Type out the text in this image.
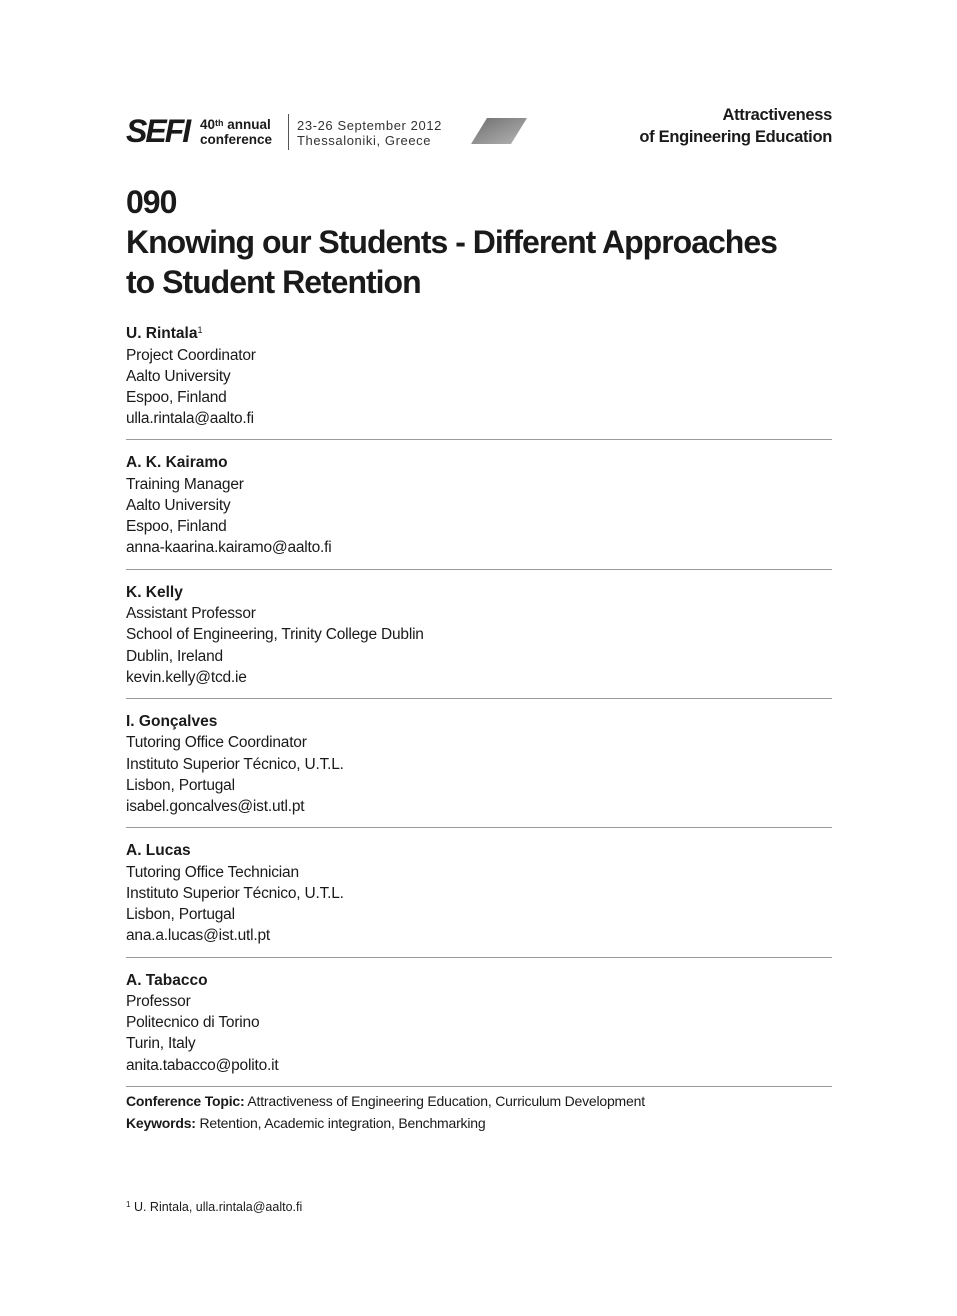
SEFI 40th annual
conference
23-26 September 2012
Thessaloniki, Greece
Attractiveness
of Engineering Education
090
Knowing our Students - Different Approaches
to Student Retention
U. Rintala$^1$
Project Coordinator
Aalto University
Espoo, Finland
ulla.rintala@aalto.fi
A. K. Kairamo
Training Manager
Aalto University
Espoo, Finland
anna-kaarina.kairamo@aalto.fi
K. Kelly
Assistant Professor
School of Engineering, Trinity College Dublin
Dublin, Ireland
kevin.kelly@tcd.ie
I. Gonçalves
Tutoring Office Coordinator
Instituto Superior Técnico, U.T.L.
Lisbon, Portugal
isabel.goncalves@ist.utl.pt
A. Lucas
Tutoring Office Technician
Instituto Superior Técnico, U.T.L.
Lisbon, Portugal
ana.a.lucas@ist.utl.pt
A. Tabacco
Professor
Politecnico di Torino
Turin, Italy
anita.tabacco@polito.it
Conference Topic: Attractiveness of Engineering Education, Curriculum Development
Keywords: Retention, Academic integration, Benchmarking
$^1$ U. Rintala, ulla.rintala@aalto.fi
